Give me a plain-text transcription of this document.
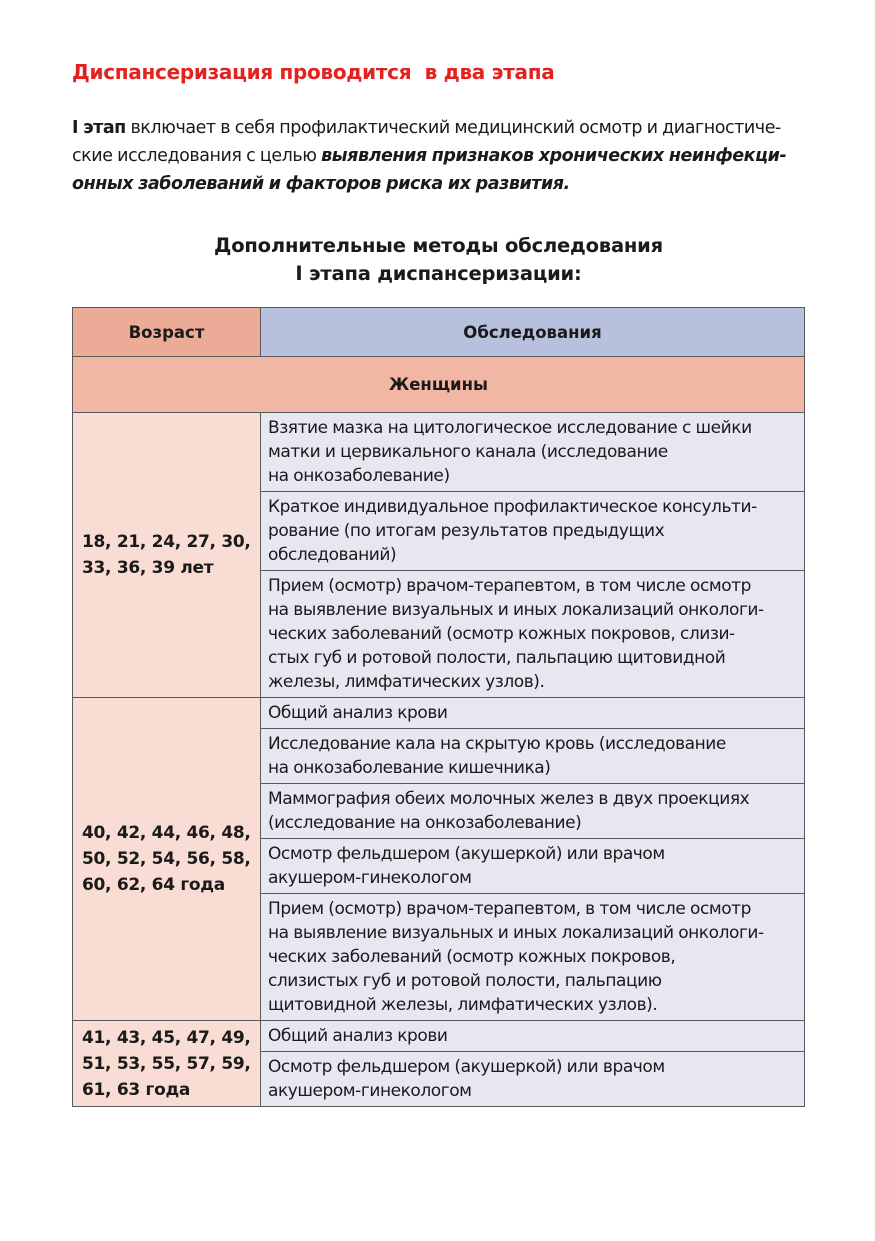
Диспансеризация проводится  в два этапа

I этап включает в себя профилактический медицинский осмотр и диагностиче-
ские исследования с целью выявления признаков хронических неинфекци-
онных заболеваний и факторов риска их развития.

Дополнительные методы обследования
I этапа диспансеризации:
Возраст	Обследования
Женщины	
18, 21, 24, 27, 30,
33, 36, 39 лет	Взятие мазка на цитологическое исследование с шейки
матки и цервикального канала (исследование
на онкозаболевание)
	Краткое индивидуальное профилактическое консульти-
рование (по итогам результатов предыдущих
обследований)
	Прием (осмотр) врачом-терапевтом, в том числе осмотр
на выявление визуальных и иных локализаций онкологи-
ческих заболеваний (осмотр кожных покровов, слизи-
стых губ и ротовой полости, пальпацию щитовидной
железы, лимфатических узлов).
40, 42, 44, 46, 48,
50, 52, 54, 56, 58,
60, 62, 64 года	Общий анализ крови
	Исследование кала на скрытую кровь (исследование
на онкозаболевание кишечника)
	Маммография обеих молочных желез в двух проекциях
(исследование на онкозаболевание)
	Осмотр фельдшером (акушеркой) или врачом
акушером-гинекологом
	Прием (осмотр) врачом-терапевтом, в том числе осмотр
на выявление визуальных и иных локализаций онкологи-
ческих заболеваний (осмотр кожных покровов,
слизистых губ и ротовой полости, пальпацию
щитовидной железы, лимфатических узлов).
41, 43, 45, 47, 49,
51, 53, 55, 57, 59,
61, 63 года	Общий анализ крови
	Осмотр фельдшером (акушеркой) или врачом
акушером-гинекологом
